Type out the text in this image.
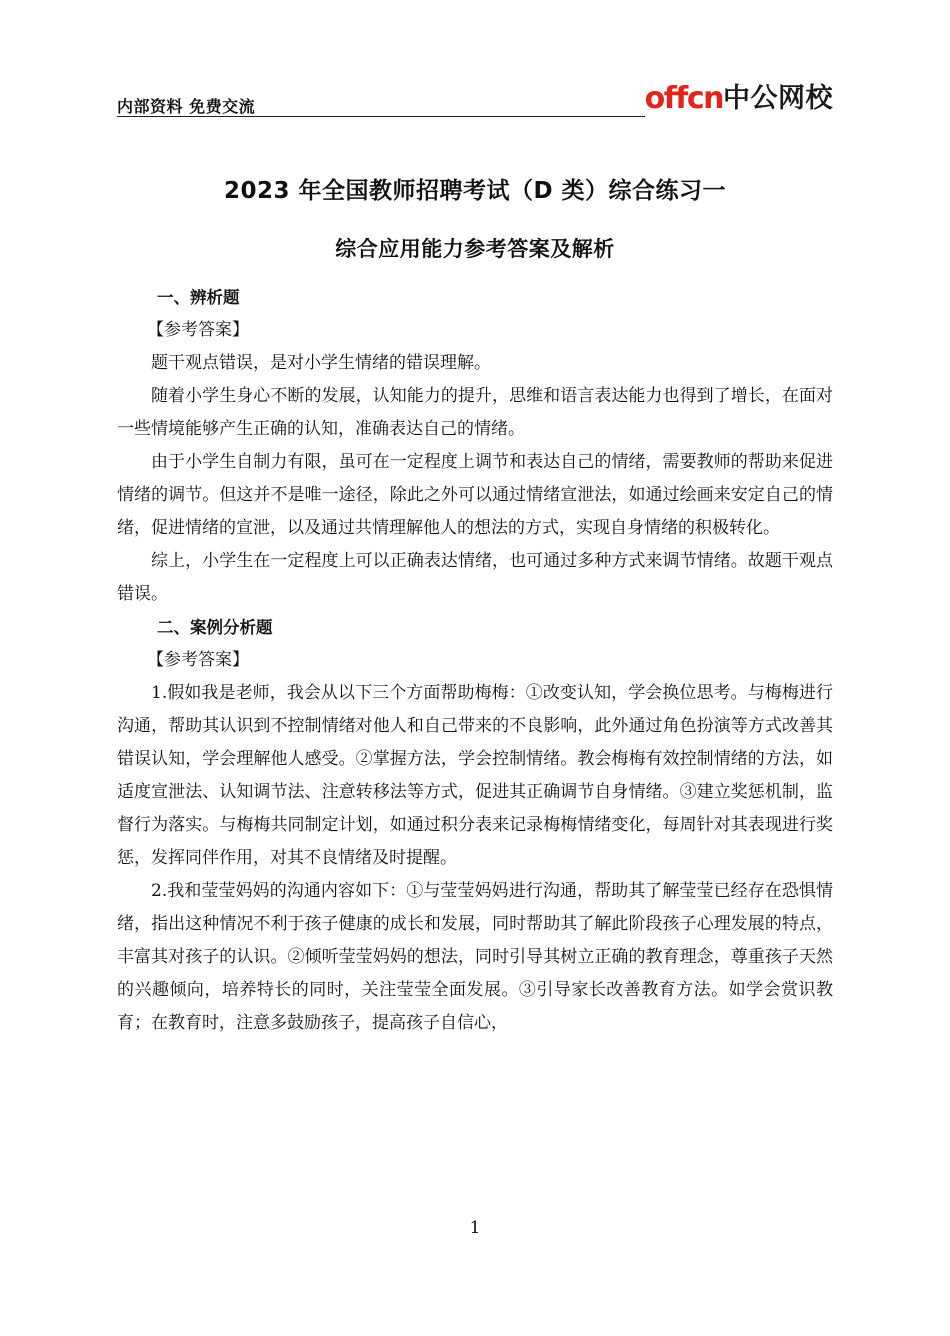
内部资料 免费交流	offcn 中公网校
2023 年全国教师招聘考试（D 类）综合练习一
综合应用能力参考答案及解析
一、辨析题
【参考答案】

题干观点错误，是对小学生情绪的错误理解。

随着小学生身心不断的发展，认知能力的提升，思维和语言表达能力也得到了增长，在面对一些情境能够产生正确的认知，准确表达自己的情绪。

由于小学生自制力有限，虽可在一定程度上调节和表达自己的情绪，需要教师的帮助来促进情绪的调节。但这并不是唯一途径，除此之外可以通过情绪宣泄法，如通过绘画来安定自己的情绪，促进情绪的宣泄，以及通过共情理解他人的想法的方式，实现自身情绪的积极转化。

综上，小学生在一定程度上可以正确表达情绪，也可通过多种方式来调节情绪。故题干观点错误。

二、案例分析题
【参考答案】

1.假如我是老师，我会从以下三个方面帮助梅梅：①改变认知，学会换位思考。与梅梅进行沟通，帮助其认识到不控制情绪对他人和自己带来的不良影响，此外通过角色扮演等方式改善其错误认知，学会理解他人感受。②掌握方法，学会控制情绪。教会梅梅有效控制情绪的方法，如适度宣泄法、认知调节法、注意转移法等方式，促进其正确调节自身情绪。③建立奖惩机制，监督行为落实。与梅梅共同制定计划，如通过积分表来记录梅梅情绪变化，每周针对其表现进行奖惩，发挥同伴作用，对其不良情绪及时提醒。

2.我和莹莹妈妈的沟通内容如下：①与莹莹妈妈进行沟通，帮助其了解莹莹已经存在恐惧情绪，指出这种情况不利于孩子健康的成长和发展，同时帮助其了解此阶段孩子心理发展的特点，丰富其对孩子的认识。②倾听莹莹妈妈的想法，同时引导其树立正确的教育理念，尊重孩子天然的兴趣倾向，培养特长的同时，关注莹莹全面发展。③引导家长改善教育方法。如学会赏识教育；在教育时，注意多鼓励孩子，提高孩子自信心，

1
